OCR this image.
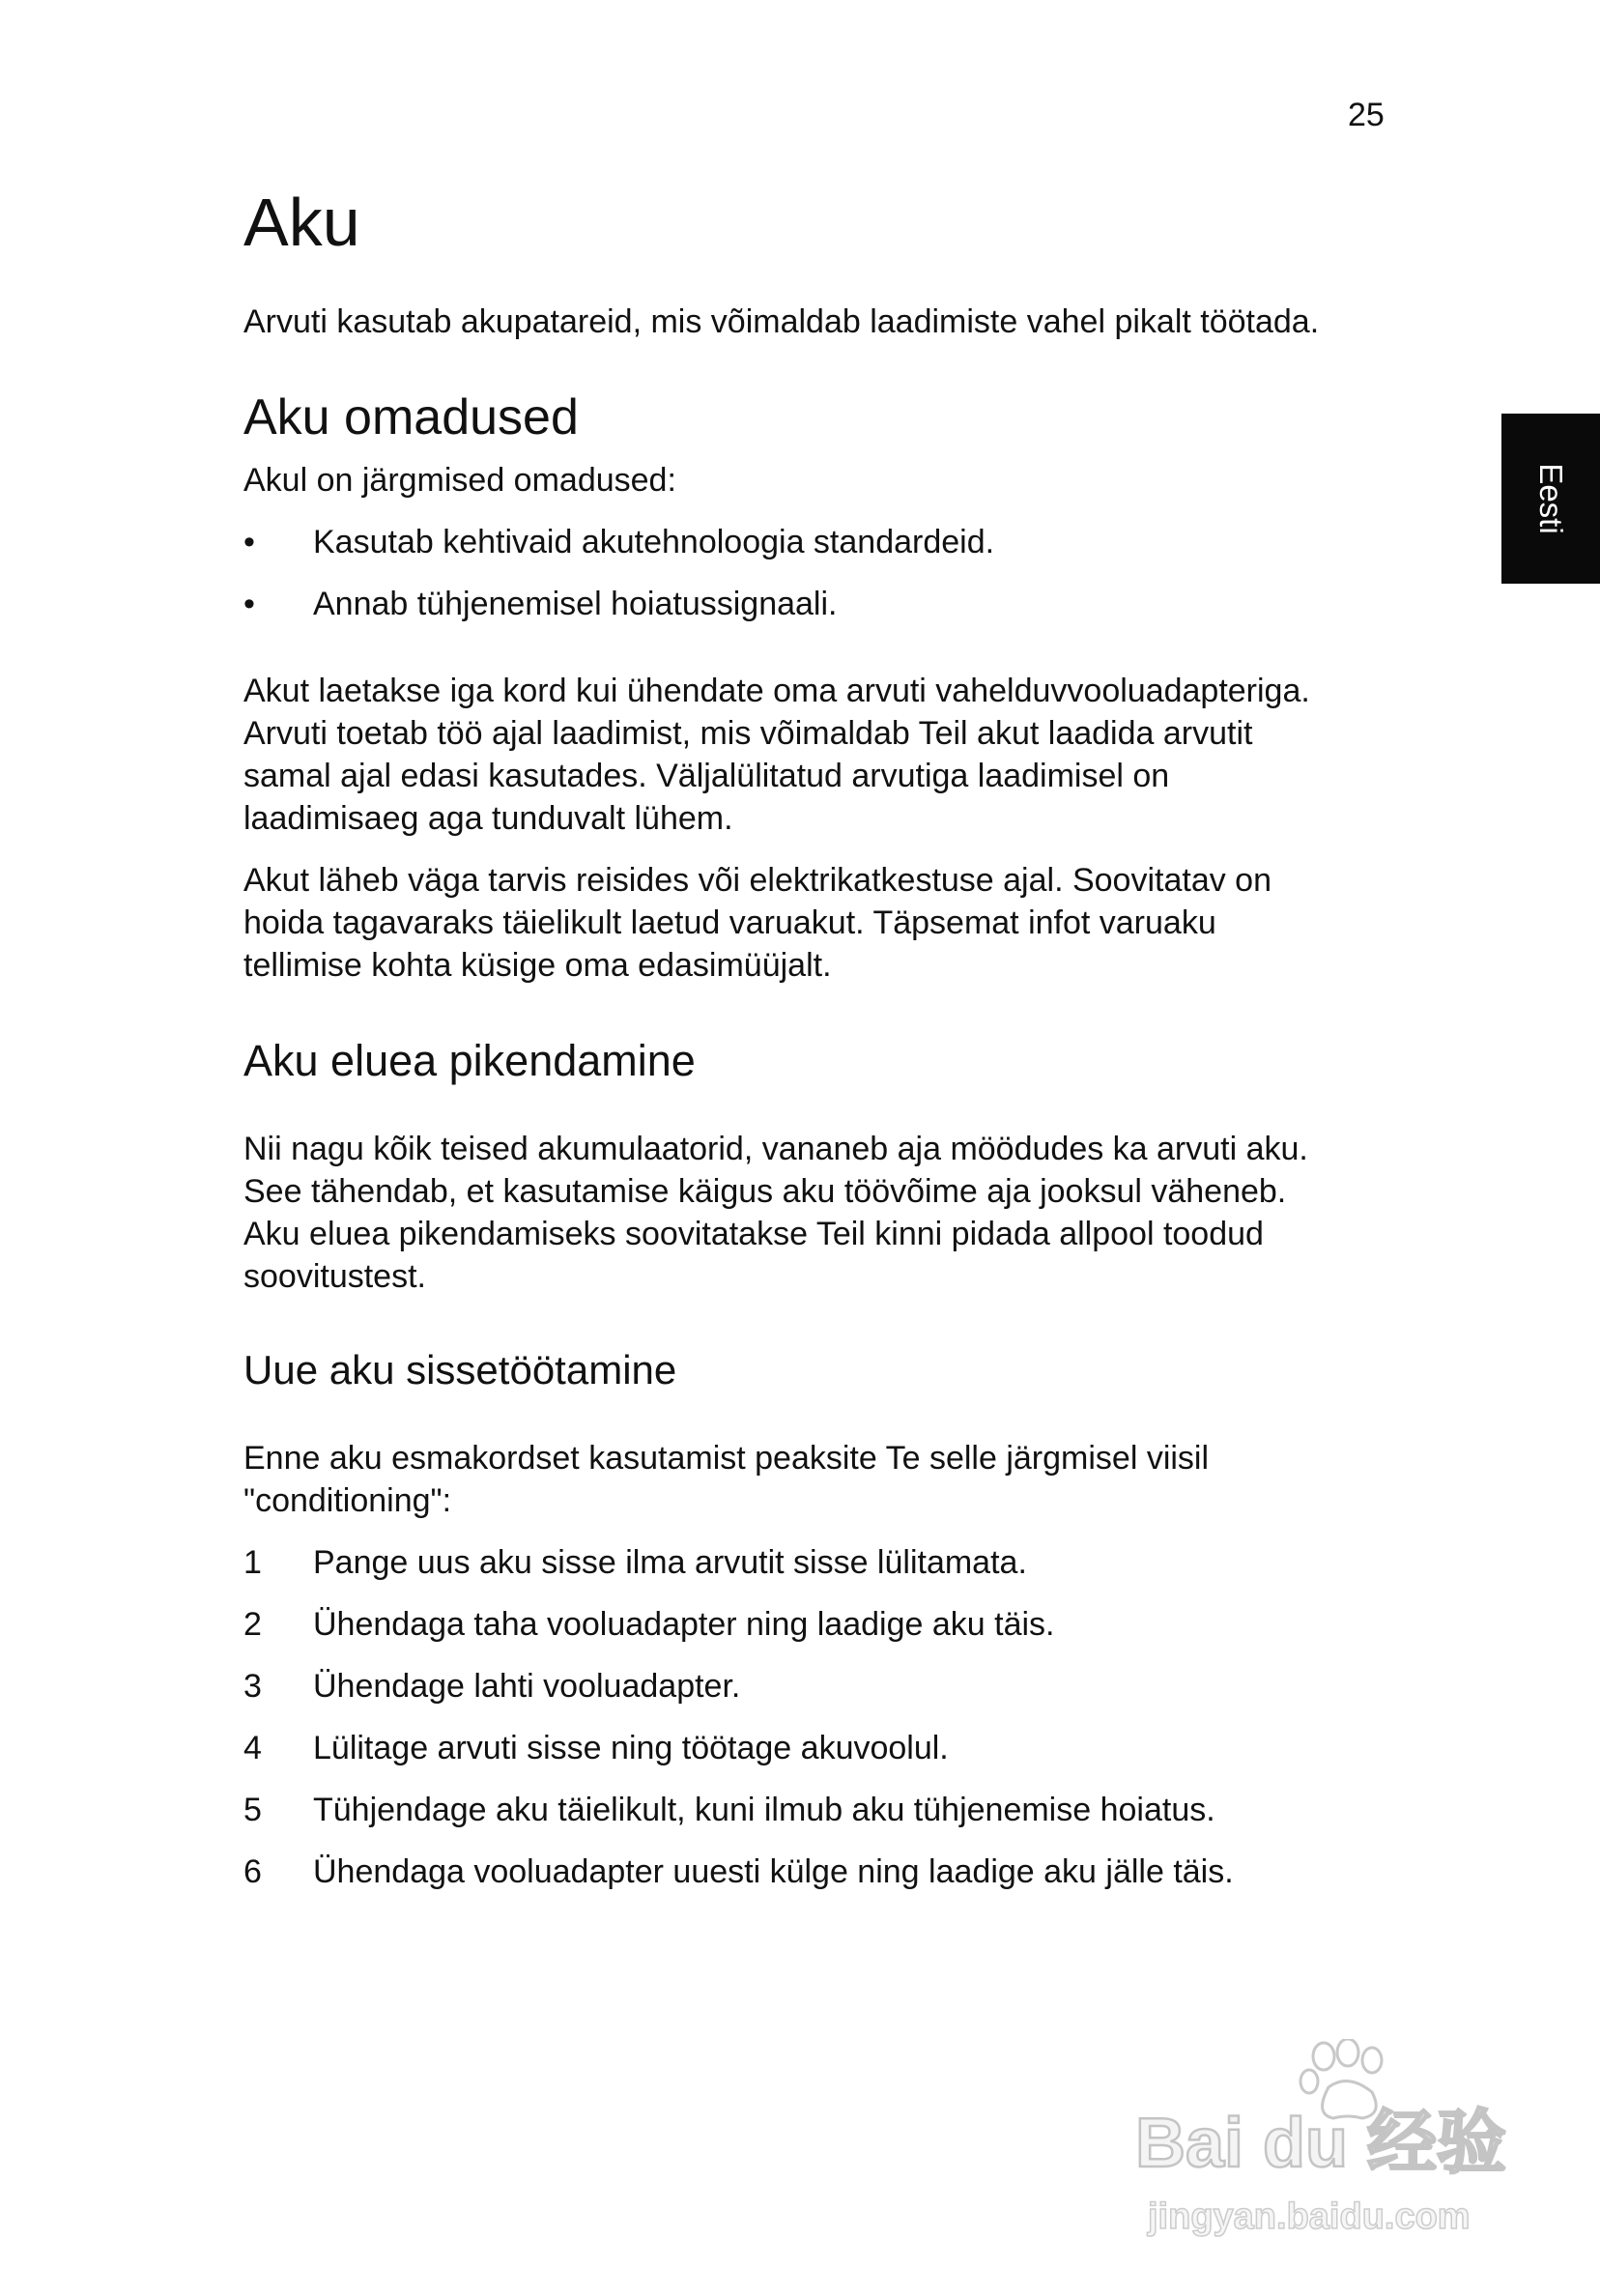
25
Eesti
Aku

Arvuti kasutab akupatareid, mis võimaldab laadimiste vahel pikalt töötada.

Aku omadused

Akul on järgmised omadused:

• Kasutab kehtivaid akutehnoloogia standardeid.
• Annab tühjenemisel hoiatussignaali.
Akut laetakse iga kord kui ühendate oma arvuti vahelduvvooluadapteriga.
Arvuti toetab töö ajal laadimist, mis võimaldab Teil akut laadida arvutit
samal ajal edasi kasutades. Väljalülitatud arvutiga laadimisel on
laadimisaeg aga tunduvalt lühem.
Akut läheb väga tarvis reisides või elektrikatkestuse ajal. Soovitatav on
hoida tagavaraks täielikult laetud varuakut. Täpsemat infot varuaku
tellimise kohta küsige oma edasimüüjalt.
Aku eluea pikendamine
Nii nagu kõik teised akumulaatorid, vananeb aja möödudes ka arvuti aku.
See tähendab, et kasutamise käigus aku töövõime aja jooksul väheneb.
Aku eluea pikendamiseks soovitatakse Teil kinni pidada allpool toodud
soovitustest.
Uue aku sissetöötamine
Enne aku esmakordset kasutamist peaksite Te selle järgmisel viisil
"conditioning":
1 Pange uus aku sisse ilma arvutit sisse lülitamata.
2 Ühendaga taha vooluadapter ning laadige aku täis.
3 Ühendage lahti vooluadapter.
4 Lülitage arvuti sisse ning töötage akuvoolul.
5 Tühjendage aku täielikult, kuni ilmub aku tühjenemise hoiatus.
6 Ühendaga vooluadapter uuesti külge ning laadige aku jälle täis.
Bai du 经验
jingyan.baidu.com
